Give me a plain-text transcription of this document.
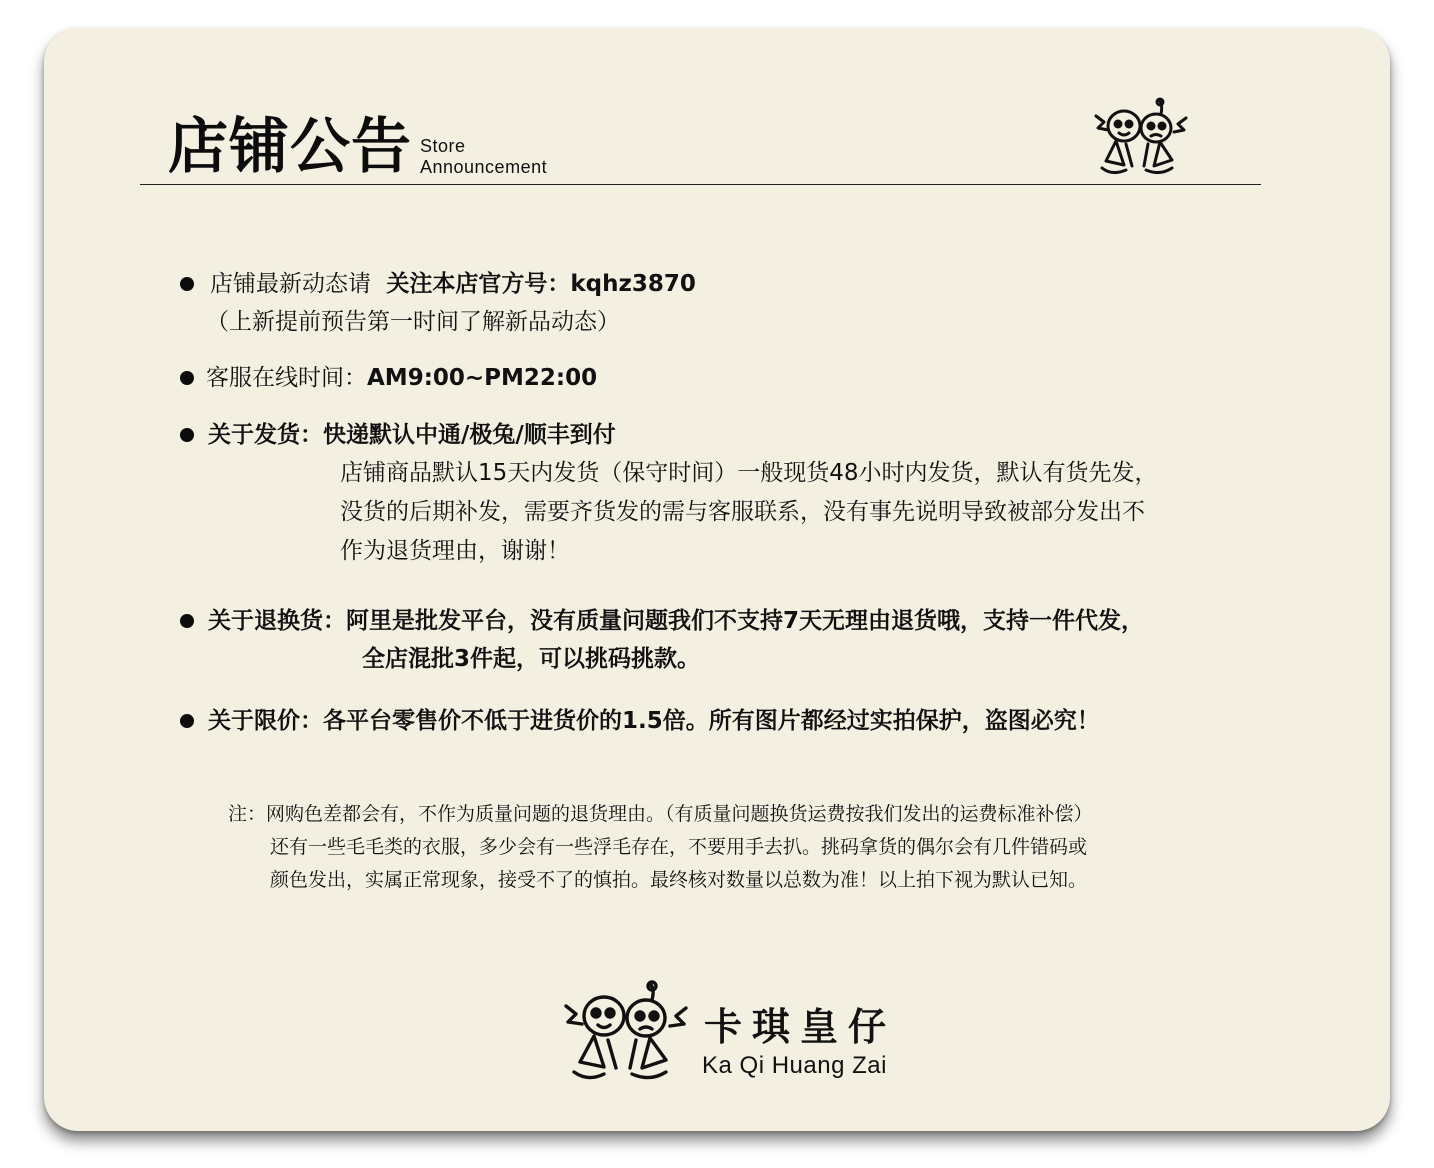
店铺公告 Store
Announcement
店铺最新动态请 关注本店官方号：kqhz3870
（上新提前预告第一时间了解新品动态）
客服在线时间：AM9:00~PM22:00
关于发货：快递默认中通/极兔/顺丰到付
店铺商品默认15天内发货（保守时间）一般现货48小时内发货，默认有货先发，
没货的后期补发，需要齐货发的需与客服联系，没有事先说明导致被部分发出不
作为退货理由，谢谢！
关于退换货：阿里是批发平台，没有质量问题我们不支持7天无理由退货哦，支持一件代发，
全店混批3件起，可以挑码挑款。
关于限价：各平台零售价不低于进货价的1.5倍。所有图片都经过实拍保护，盗图必究！
注：网购色差都会有，不作为质量问题的退货理由。（有质量问题换货运费按我们发出的运费标准补偿）
还有一些毛毛类的衣服，多少会有一些浮毛存在，不要用手去扒。挑码拿货的偶尔会有几件错码或
颜色发出，实属正常现象，接受不了的慎拍。最终核对数量以总数为准！以上拍下视为默认已知。
卡琪皇仔
Ka Qi Huang Zai
